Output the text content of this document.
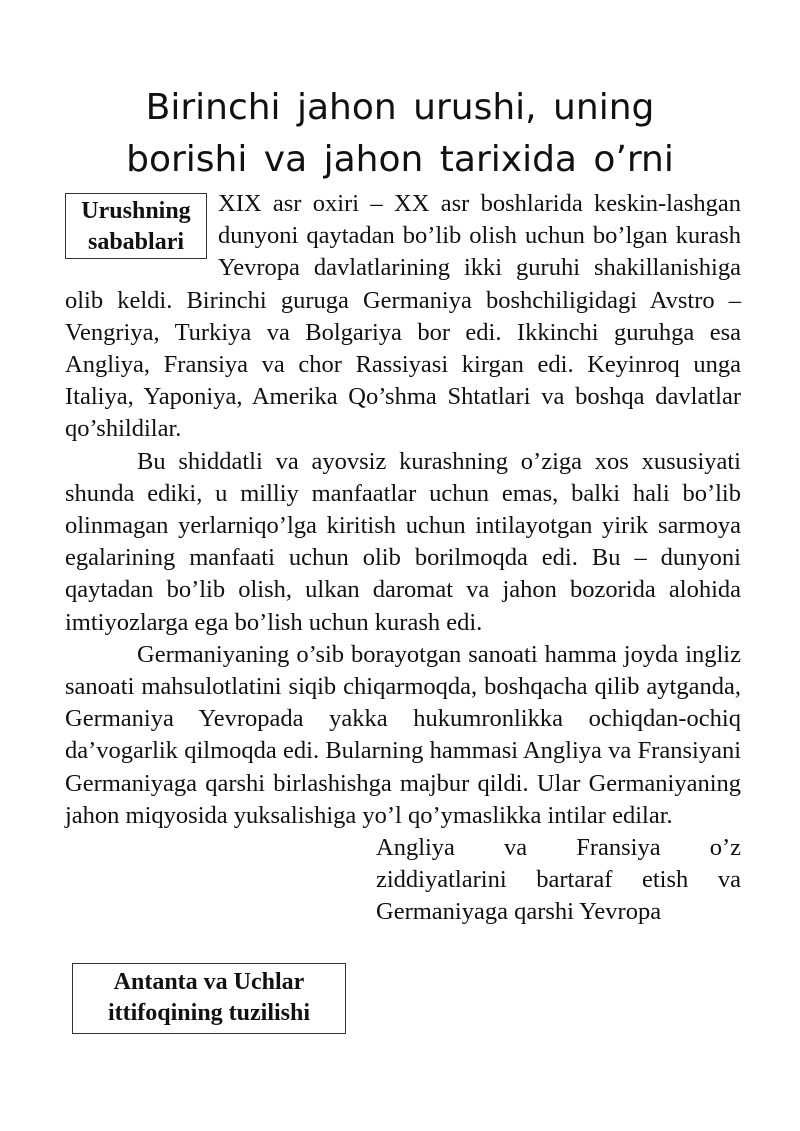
Birinchi jahon urushi, uning
borishi va jahon tarixida o’rni
Urushning
sabablari
Antanta va Uchlar
ittifoqining tuzilishi

XIX asr oxiri – XX asr boshlarida keskin-lashgan dunyoni qaytadan bo’lib olish uchun bo’lgan kurash Yevropa davlatlarining ikki guruhi shakillanishiga olib keldi. Birinchi guruga Germaniya boshchiligidagi Avstro – Vengriya, Turkiya va Bolgariya bor edi. Ikkinchi guruhga esa Angliya, Fransiya va chor Rassiyasi kirgan edi. Keyinroq unga Italiya, Yaponiya, Amerika Qo’shma Shtatlari va boshqa davlatlar qo’shildilar.

Bu shiddatli va ayovsiz kurashning o’ziga xos xususiyati shunda ediki, u milliy manfaatlar uchun emas, balki hali bo’lib olinmagan yerlarniqo’lga kiritish uchun intilayotgan yirik sarmoya egalarining manfaati uchun olib borilmoqda edi. Bu – dunyoni qaytadan bo’lib olish, ulkan daromat va jahon bozorida alohida imtiyozlarga ega bo’lish uchun kurash edi.

Germaniyaning o’sib borayotgan sanoati hamma joyda ingliz sanoati mahsulotlatini siqib chiqarmoqda, boshqacha qilib aytganda, Germaniya Yevropada yakka hukumronlikka ochiqdan-ochiq da’vogarlik qilmoqda edi. Bularning hammasi Angliya va Fransiyani Germaniyaga qarshi birlashishga majbur qildi. Ular Germaniyaning jahon miqyosida yuksalishiga yo’l qo’ymaslikka intilar edilar.

Angliya va Fransiya o’z ziddiyatlarini bartaraf etish va Germaniyaga qarshi Yevropa
